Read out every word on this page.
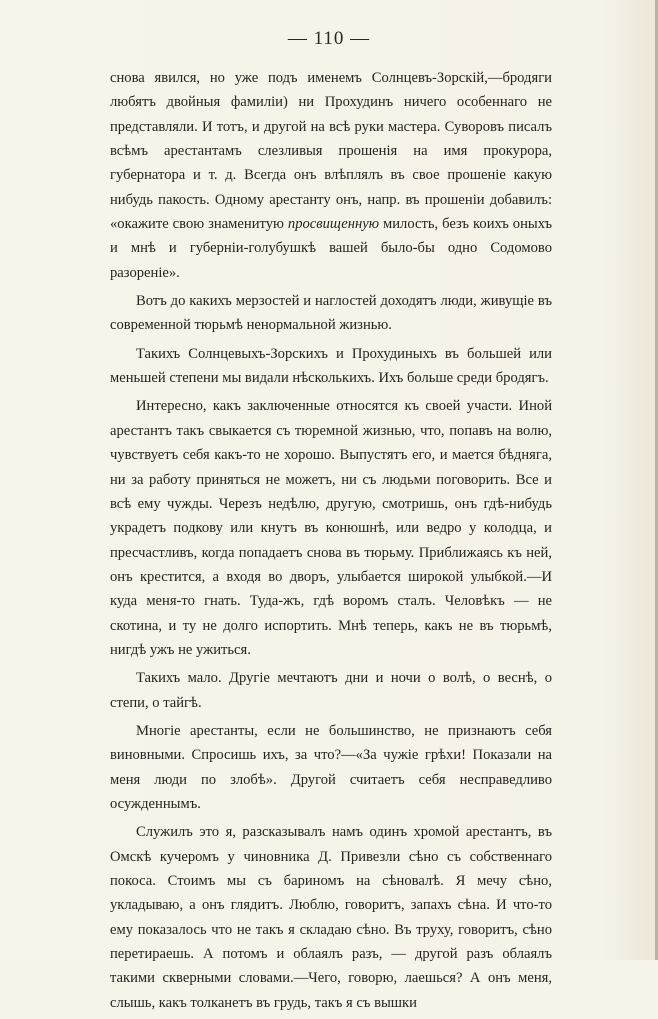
— 110 —

снова явился, но уже подъ именемъ Солнцевъ-Зорскій,—бродяги любятъ двойныя фамиліи) ни Прохудинъ ничего особеннаго не представляли. И тотъ, и другой на всѣ руки мастера. Суворовъ писалъ всѣмъ арестантамъ слезливыя прошенія на имя прокурора, губернатора и т. д. Всегда онъ влѣплялъ въ свое прошеніе какую нибудь пакость. Одному арестанту онъ, напр. въ прошеніи добавилъ: «окажите свою знаменитую просвищенную милость, безъ коихъ оныхъ и мнѣ и губерніи-голубушкѣ вашей было-бы одно Содомово разореніе».

Вотъ до какихъ мерзостей и наглостей доходятъ люди, живущіе въ современной тюрьмѣ ненормальной жизнью.

Такихъ Солнцевыхъ-Зорскихъ и Прохудиныхъ въ большей или меньшей степени мы видали нѣсколькихъ. Ихъ больше среди бродягъ.

Интересно, какъ заключенные относятся къ своей участи. Иной арестантъ такъ свыкается съ тюремной жизнью, что, попавъ на волю, чувствуетъ себя какъ-то не хорошо. Выпустятъ его, и мается бѣдняга, ни за работу приняться не можетъ, ни съ людьми поговорить. Все и всѣ ему чужды. Черезъ недѣлю, другую, смотришь, онъ гдѣ-нибудь украдетъ подкову или кнутъ въ конюшнѣ, или ведро у колодца, и пресчастливъ, когда попадаетъ снова въ тюрьму. Приближаясь къ ней, онъ крестится, а входя во дворъ, улыбается широкой улыбкой.—И куда меня-то гнать. Туда-жъ, гдѣ воромъ сталъ. Человѣкъ — не скотина, и ту не долго испортить. Мнѣ теперь, какъ не въ тюрьмѣ, нигдѣ ужъ не ужиться.

Такихъ мало. Другіе мечтаютъ дни и ночи о волѣ, о веснѣ, о степи, о тайгѣ.

Многіе арестанты, если не большинство, не признаютъ себя виновными. Спросишь ихъ, за что?—«За чужіе грѣхи! Показали на меня люди по злобѣ». Другой считаетъ себя несправедливо осужденнымъ.

Служилъ это я, разсказывалъ намъ одинъ хромой арестантъ, въ Омскѣ кучеромъ у чиновника Д. Привезли сѣно съ собственнаго покоса. Стоимъ мы съ бариномъ на сѣновалѣ. Я мечу сѣно, укладываю, а онъ глядитъ. Люблю, говоритъ, запахъ сѣна. И что-то ему показалось что не такъ я складаю сѣно. Въ труху, говоритъ, сѣно перетираешь. А потомъ и облаялъ разъ, — другой разъ облаялъ такими скверными словами.—Чего, говорю, лаешься? А онъ меня, слышь, какъ толканетъ въ грудь, такъ я съ вышки
